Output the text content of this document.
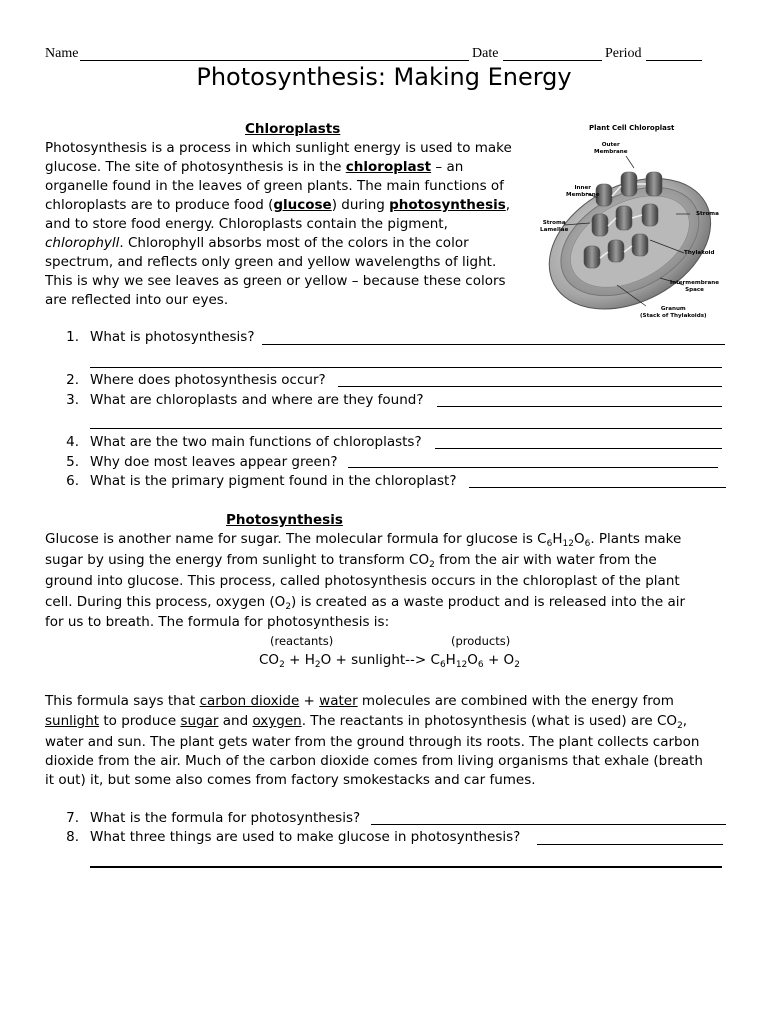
Name	Date	Period
Photosynthesis: Making Energy
Chloroplasts
Photosynthesis is a process in which sunlight energy is used to make
glucose. The site of photosynthesis is in the chloroplast – an
organelle found in the leaves of green plants. The main functions of
chloroplasts are to produce food (glucose) during photosynthesis,
and to store food energy. Chloroplasts contain the pigment,
chlorophyll. Chlorophyll absorbs most of the colors in the color
spectrum, and reflects only green and yellow wavelengths of light.
This is why we see leaves as green or yellow – because these colors
are reflected into our eyes.
Plant Cell Chloroplast
Outer
Membrane
Inner
Membrane
Stroma
Lamellae
Stroma
Thylakoid
Intermembrane
Space
Granum
(Stack of Thylakoids)
1. What is photosynthesis?
2. Where does photosynthesis occur?
3. What are chloroplasts and where are they found?
4. What are the two main functions of chloroplasts?
5. Why doe most leaves appear green?
6. What is the primary pigment found in the chloroplast?
Photosynthesis
Glucose is another name for sugar. The molecular formula for glucose is $C_6H_{12}O_6$. Plants make
sugar by using the energy from sunlight to transform $CO_2$ from the air with water from the
ground into glucose. This process, called photosynthesis occurs in the chloroplast of the plant
cell. During this process, oxygen $(O_2)$ is created as a waste product and is released into the air
for us to breath. The formula for photosynthesis is:
(reactants)	(products)
$CO_2 + H_2O$ + sunlight--> $C_6H_{12}O_6 + O_2$
This formula says that carbon dioxide + water molecules are combined with the energy from
sunlight to produce sugar and oxygen. The reactants in photosynthesis (what is used) are $CO_2$,
water and sun. The plant gets water from the ground through its roots. The plant collects carbon
dioxide from the air. Much of the carbon dioxide comes from living organisms that exhale (breath
it out) it, but some also comes from factory smokestacks and car fumes.
7. What is the formula for photosynthesis?
8. What three things are used to make glucose in photosynthesis?
